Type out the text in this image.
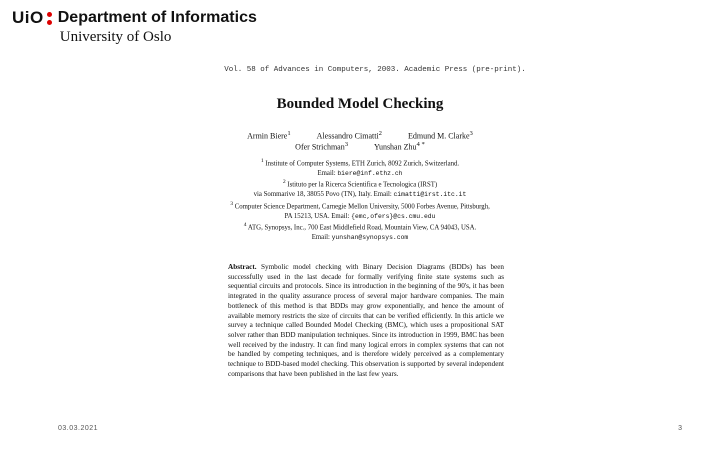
UiO Department of Informatics
University of Oslo
Vol. 58 of Advances in Computers, 2003. Academic Press (pre-print).
Bounded Model Checking
Armin Biere$^1$	Alessandro Cimatti$^2$	Edmund M. Clarke$^3$
Ofer Strichman$^3$	Yunshan Zhu$^{4 *}$
$^1$ Institute of Computer Systems, ETH Zurich, 8092 Zurich, Switzerland.
Email: biere@inf.ethz.ch
$^2$ Istituto per la Ricerca Scientifica e Tecnologica (IRST)
via Sommarive 18, 38055 Povo (TN), Italy. Email: cimatti@irst.itc.it
$^3$ Computer Science Department, Carnegie Mellon University, 5000 Forbes Avenue, Pittsburgh,
PA 15213, USA. Email: {emc,ofers}@cs.cmu.edu
$^4$ ATG, Synopsys, Inc., 700 East Middlefield Road, Mountain View, CA 94043, USA.
Email: yunshan@synopsys.com
Abstract. Symbolic model checking with Binary Decision Diagrams (BDDs) has been successfully used in the last decade for formally verifying finite state systems such as sequential circuits and protocols. Since its introduction in the beginning of the 90's, it has been integrated in the quality assurance process of several major hardware companies. The main bottleneck of this method is that BDDs may grow exponentially, and hence the amount of available memory restricts the size of circuits that can be verified efficiently. In this article we survey a technique called Bounded Model Checking (BMC), which uses a propositional SAT solver rather than BDD manipulation techniques. Since its introduction in 1999, BMC has been well received by the industry. It can find many logical errors in complex systems that can not be handled by competing techniques, and is therefore widely perceived as a complementary technique to BDD-based model checking. This observation is supported by several independent comparisons that have been published in the last few years.
03.03.2021	3
